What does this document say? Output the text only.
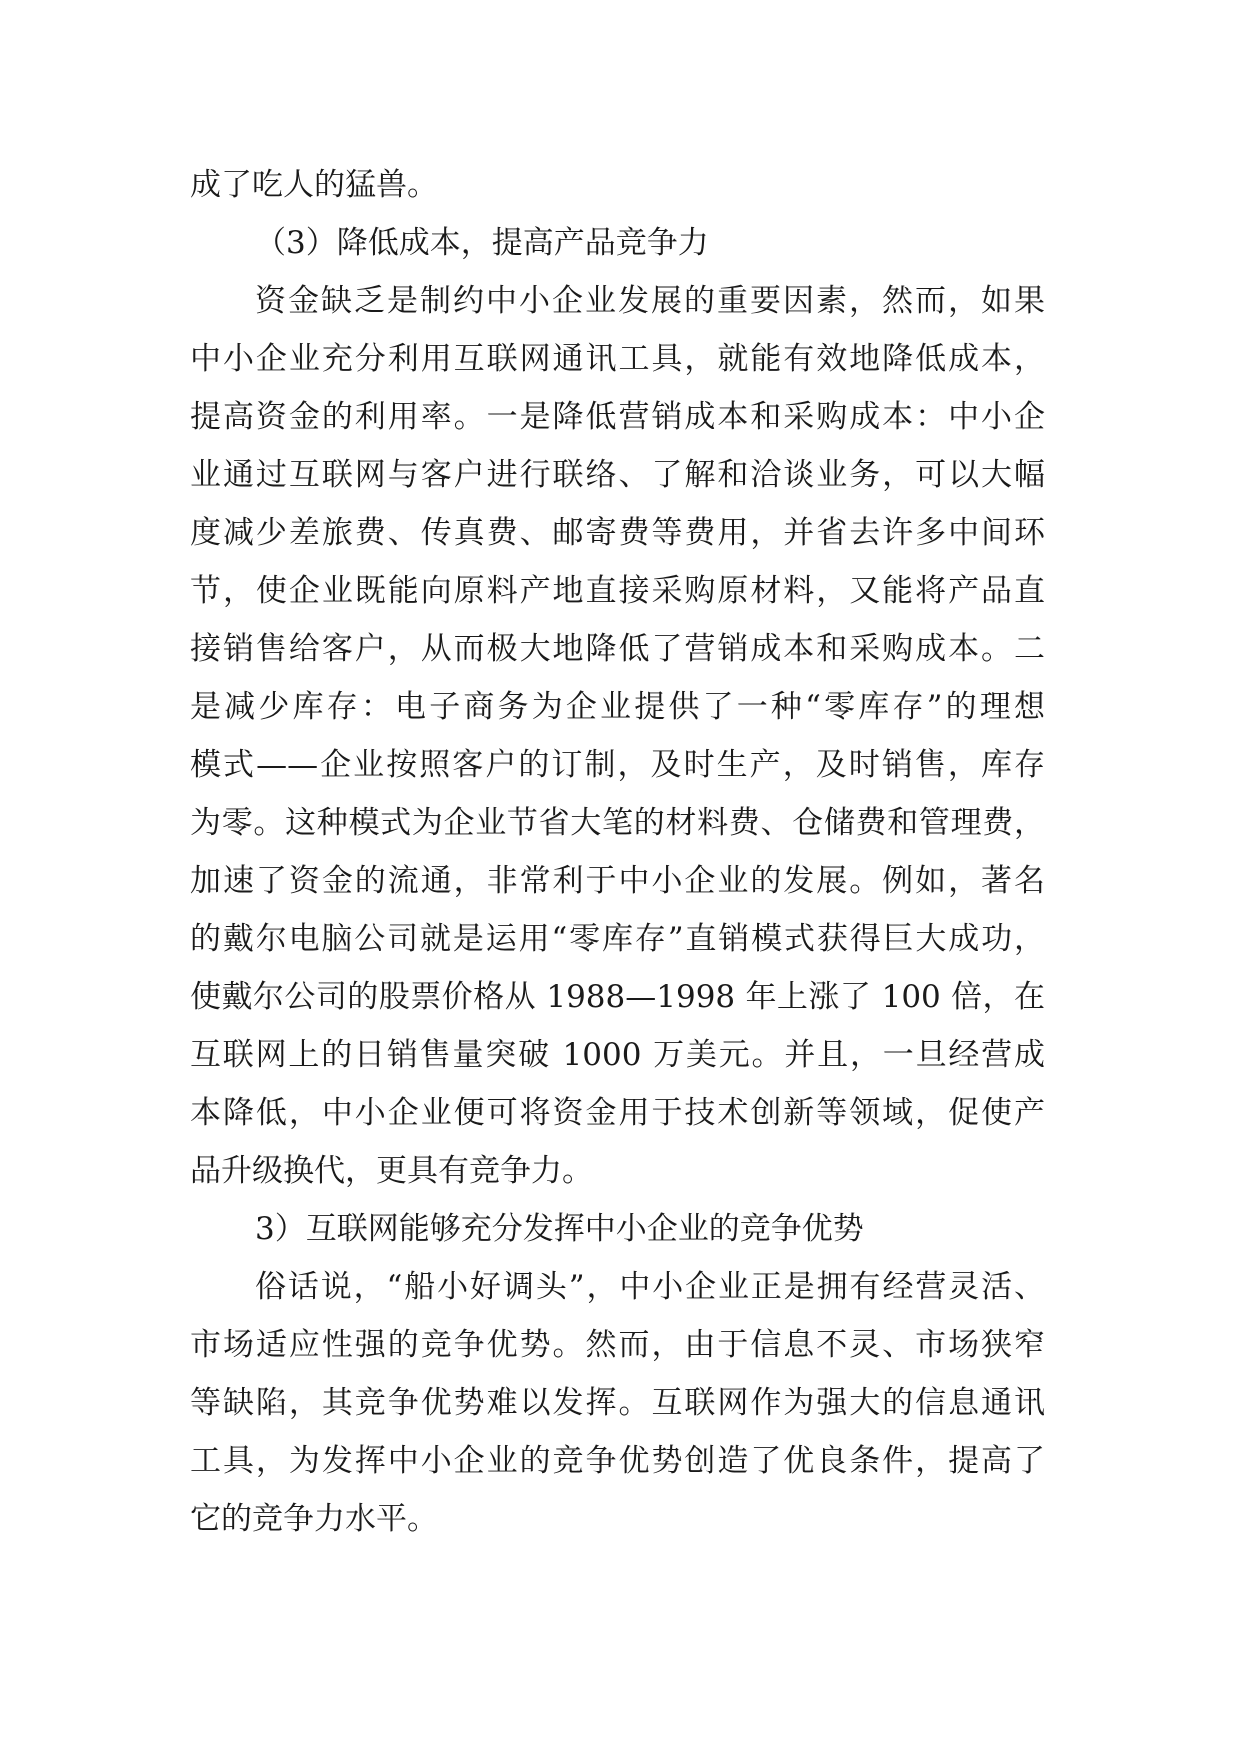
成了吃人的猛兽。
（3）降低成本，提高产品竞争力
资金缺乏是制约中小企业发展的重要因素，然而，如果
中小企业充分利用互联网通讯工具，就能有效地降低成本，
提高资金的利用率。一是降低营销成本和采购成本：中小企
业通过互联网与客户进行联络、了解和洽谈业务，可以大幅
度减少差旅费、传真费、邮寄费等费用，并省去许多中间环
节，使企业既能向原料产地直接采购原材料，又能将产品直
接销售给客户，从而极大地降低了营销成本和采购成本。二
是减少库存：电子商务为企业提供了一种“零库存”的理想
模式——企业按照客户的订制，及时生产，及时销售，库存
为零。这种模式为企业节省大笔的材料费、仓储费和管理费，
加速了资金的流通，非常利于中小企业的发展。例如，著名
的戴尔电脑公司就是运用“零库存”直销模式获得巨大成功，
使戴尔公司的股票价格从 1988—1998 年上涨了 100 倍，在
互联网上的日销售量突破 1000 万美元。并且，一旦经营成
本降低，中小企业便可将资金用于技术创新等领域，促使产
品升级换代，更具有竞争力。
3）互联网能够充分发挥中小企业的竞争优势
俗话说，“船小好调头”，中小企业正是拥有经营灵活、
市场适应性强的竞争优势。然而，由于信息不灵、市场狭窄
等缺陷，其竞争优势难以发挥。互联网作为强大的信息通讯
工具，为发挥中小企业的竞争优势创造了优良条件，提高了
它的竞争力水平。
